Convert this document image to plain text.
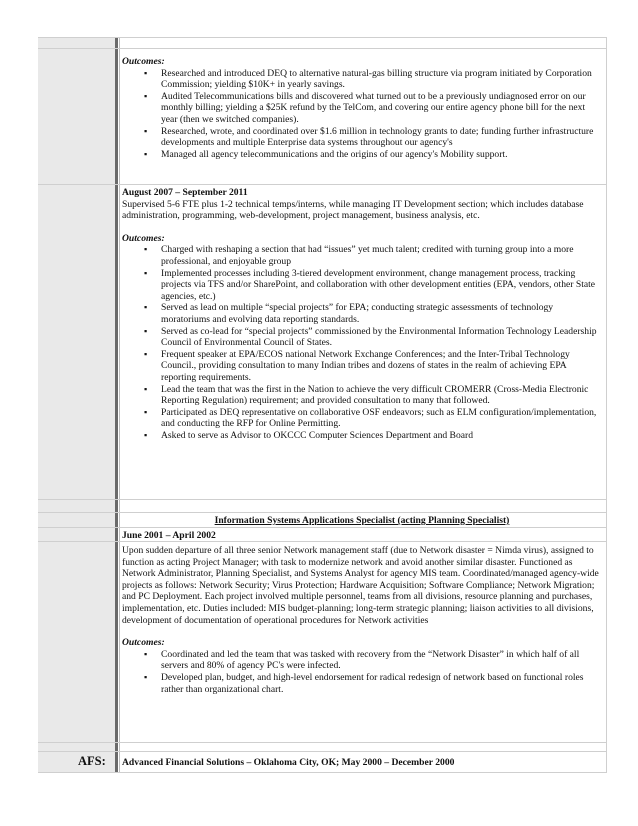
Outcomes:
▪ Researched and introduced DEQ to alternative natural-gas billing structure via program initiated by Corporation Commission; yielding $10K+ in yearly savings.
▪ Audited Telecommunications bills and discovered what turned out to be a previously undiagnosed error on our monthly billing; yielding a $25K refund by the TelCom, and covering our entire agency phone bill for the next year (then we switched companies).
▪ Researched, wrote, and coordinated over $1.6 million in technology grants to date; funding further infrastructure developments and multiple Enterprise data systems throughout our agency's
▪ Managed all agency telecommunications and the origins of our agency's Mobility support.
August 2007 – September 2011

Supervised 5-6 FTE plus 1-2 technical temps/interns, while managing IT Development section; which includes database administration, programming, web-development, project management, business analysis, etc.

Outcomes:
▪ Charged with reshaping a section that had “issues” yet much talent; credited with turning group into a more professional, and enjoyable group
▪ Implemented processes including 3-tiered development environment, change management process, tracking projects via TFS and/or SharePoint, and collaboration with other development entities (EPA, vendors, other State agencies, etc.)
▪ Served as lead on multiple “special projects” for EPA; conducting strategic assessments of technology moratoriums and evolving data reporting standards.
▪ Served as co-lead for “special projects” commissioned by the Environmental Information Technology Leadership Council of Environmental Council of States.
▪ Frequent speaker at EPA/ECOS national Network Exchange Conferences; and the Inter-Tribal Technology Council., providing consultation to many Indian tribes and dozens of states in the realm of achieving EPA reporting requirements.
▪ Lead the team that was the first in the Nation to achieve the very difficult CROMERR (Cross-Media Electronic Reporting Regulation) requirement; and provided consultation to many that followed.
▪ Participated as DEQ representative on collaborative OSF endeavors; such as ELM configuration/implementation, and conducting the RFP for Online Permitting.
▪ Asked to serve as Advisor to OKCCC Computer Sciences Department and Board
Information Systems Applications Specialist (acting Planning Specialist)
June 2001 – April 2002

Upon sudden departure of all three senior Network management staff (due to Network disaster = Nimda virus), assigned to function as acting Project Manager; with task to modernize network and avoid another similar disaster. Functioned as Network Administrator, Planning Specialist, and Systems Analyst for agency MIS team. Coordinated/managed agency-wide projects as follows: Network Security; Virus Protection; Hardware Acquisition; Software Compliance; Network Migration; and PC Deployment. Each project involved multiple personnel, teams from all divisions, resource planning and purchases, implementation, etc. Duties included: MIS budget-planning; long-term strategic planning; liaison activities to all divisions, development of documentation of operational procedures for Network activities

Outcomes:
▪ Coordinated and led the team that was tasked with recovery from the “Network Disaster” in which half of all servers and 80% of agency PC's were infected.
▪ Developed plan, budget, and high-level endorsement for radical redesign of network based on functional roles rather than organizational chart.
AFS: Advanced Financial Solutions – Oklahoma City, OK; May 2000 – December 2000
